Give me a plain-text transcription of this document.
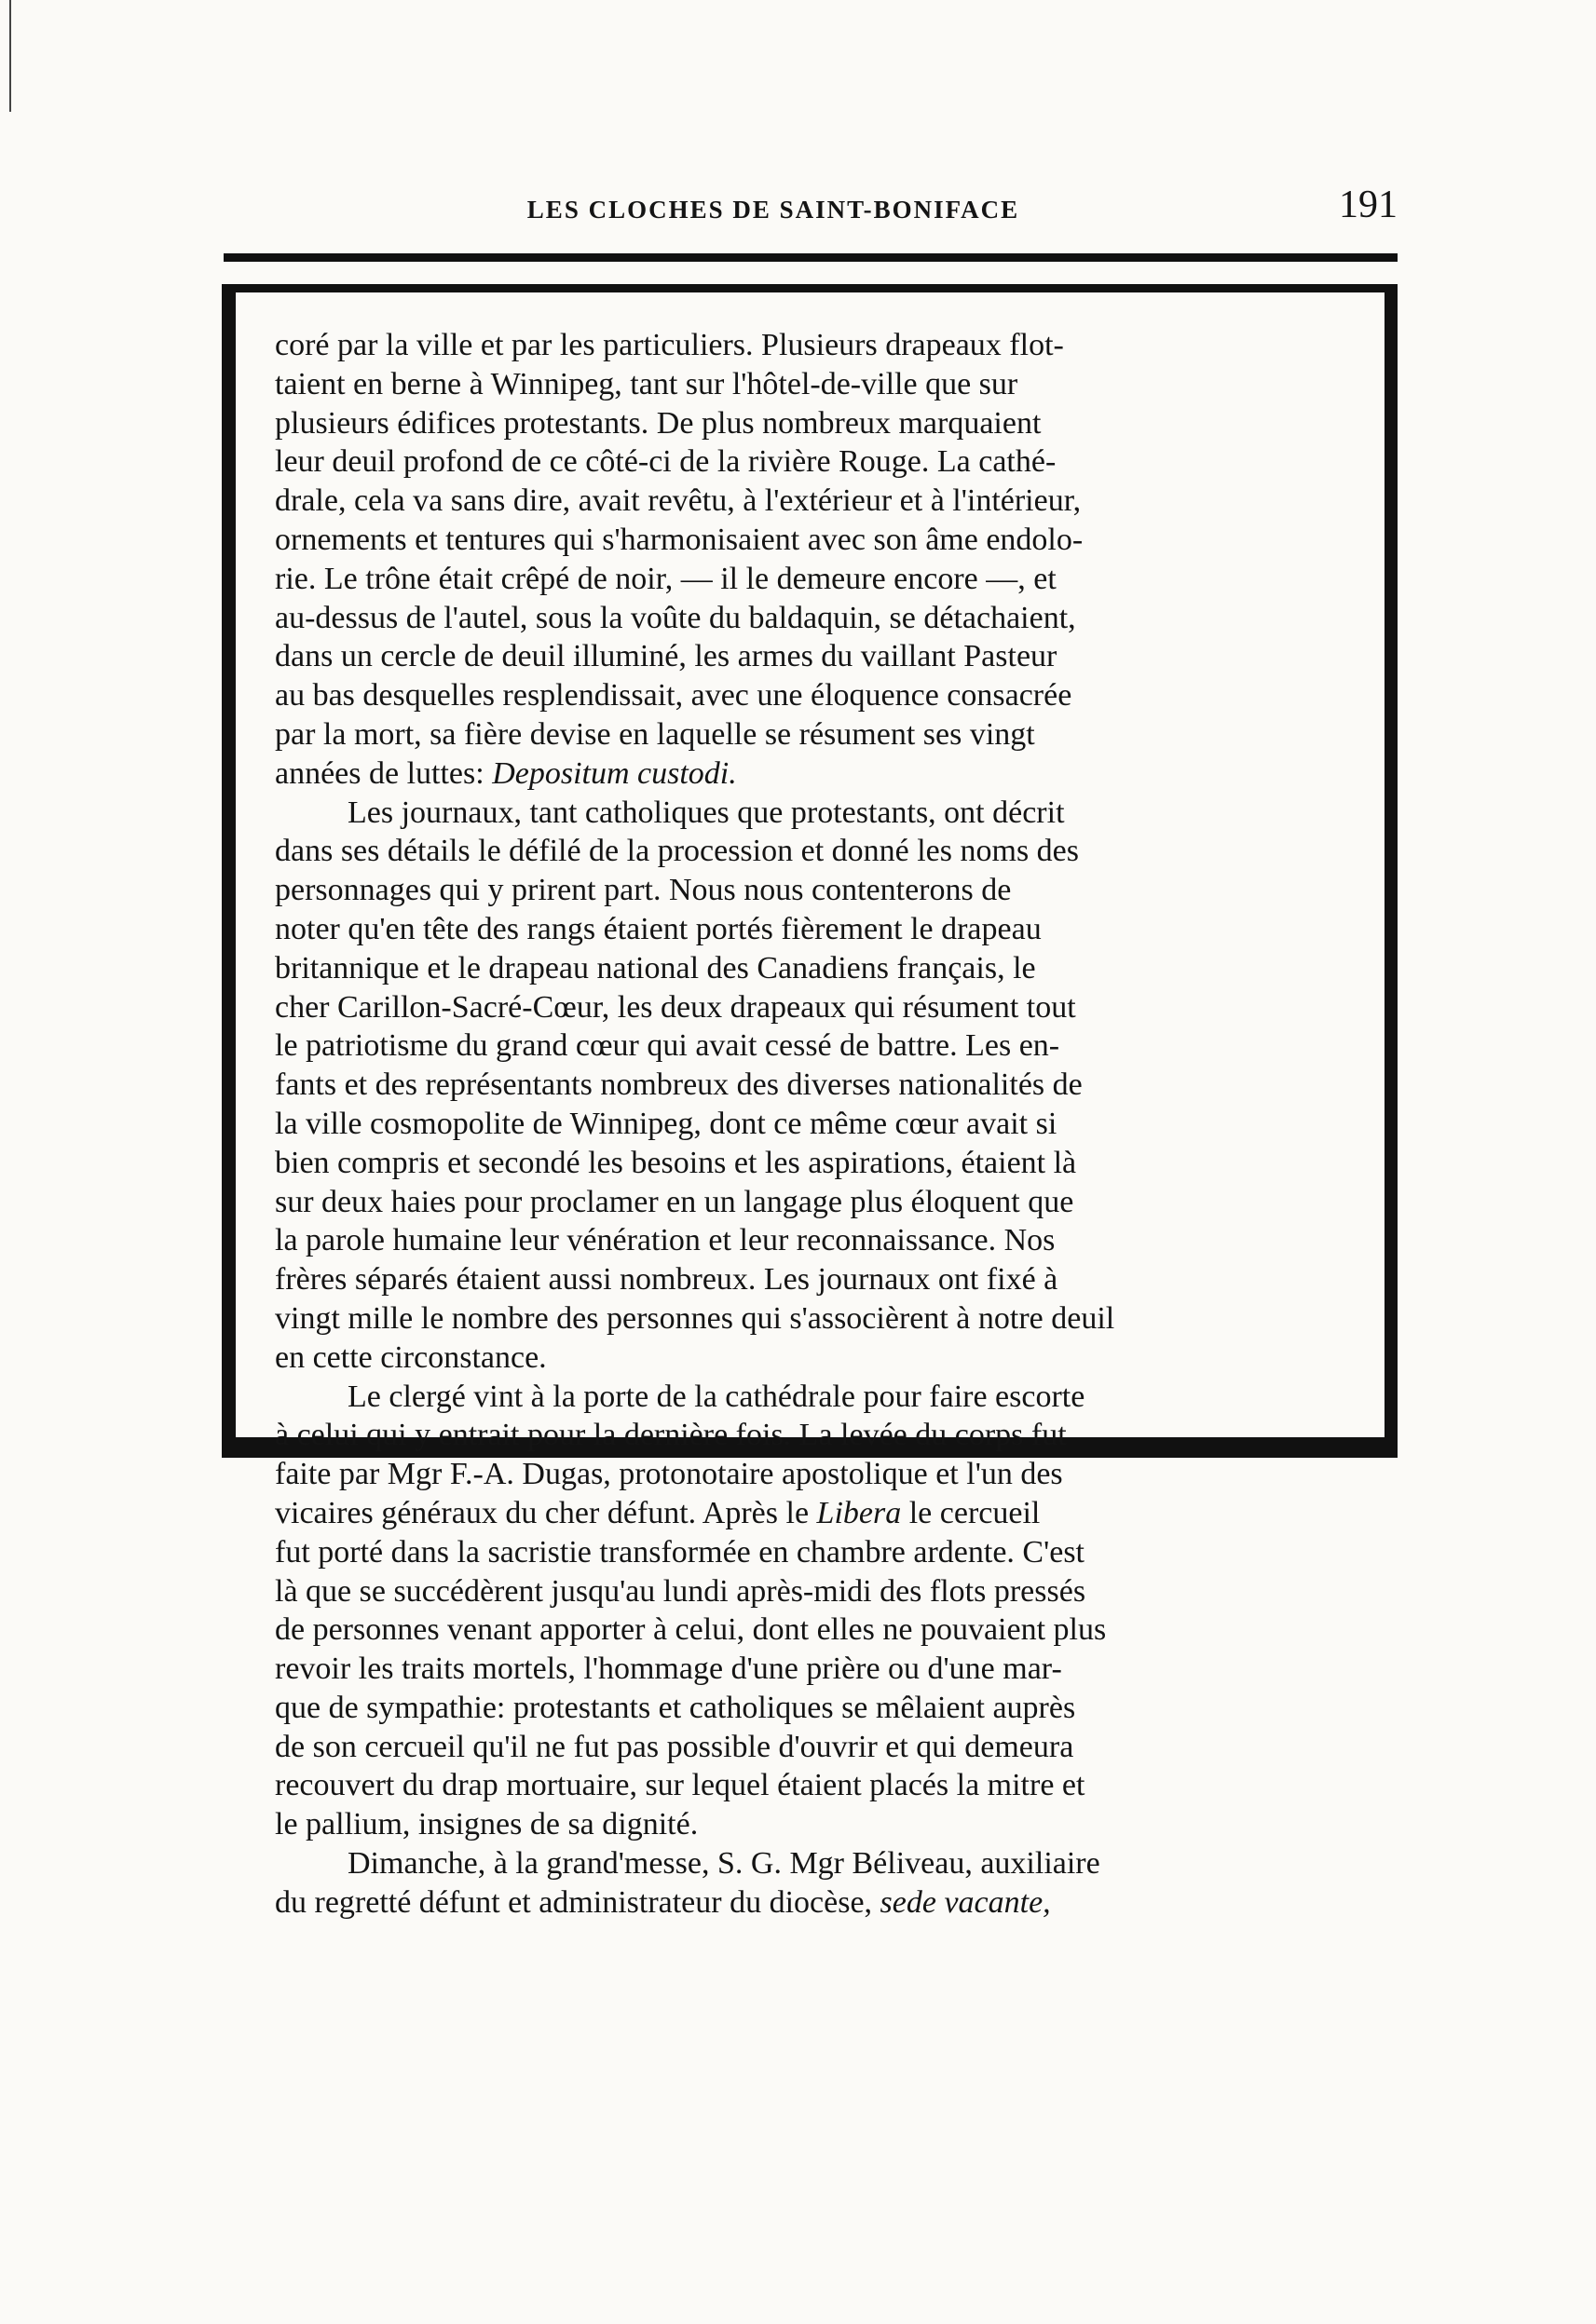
LES CLOCHES DE SAINT-BONIFACE	191
coré par la ville et par les particuliers. Plusieurs drapeaux flot-
taient en berne à Winnipeg, tant sur l'hôtel-de-ville que sur
plusieurs édifices protestants. De plus nombreux marquaient
leur deuil profond de ce côté-ci de la rivière Rouge. La cathé-
drale, cela va sans dire, avait revêtu, à l'extérieur et à l'intérieur,
ornements et tentures qui s'harmonisaient avec son âme endolo-
rie. Le trône était crêpé de noir, — il le demeure encore —, et
au-dessus de l'autel, sous la voûte du baldaquin, se détachaient,
dans un cercle de deuil illuminé, les armes du vaillant Pasteur
au bas desquelles resplendissait, avec une éloquence consacrée
par la mort, sa fière devise en laquelle se résument ses vingt
années de luttes: Depositum custodi.
Les journaux, tant catholiques que protestants, ont décrit
dans ses détails le défilé de la procession et donné les noms des
personnages qui y prirent part. Nous nous contenterons de
noter qu'en tête des rangs étaient portés fièrement le drapeau
britannique et le drapeau national des Canadiens français, le
cher Carillon-Sacré-Cœur, les deux drapeaux qui résument tout
le patriotisme du grand cœur qui avait cessé de battre. Les en-
fants et des représentants nombreux des diverses nationalités de
la ville cosmopolite de Winnipeg, dont ce même cœur avait si
bien compris et secondé les besoins et les aspirations, étaient là
sur deux haies pour proclamer en un langage plus éloquent que
la parole humaine leur vénération et leur reconnaissance. Nos
frères séparés étaient aussi nombreux. Les journaux ont fixé à
vingt mille le nombre des personnes qui s'associèrent à notre deuil
en cette circonstance.
Le clergé vint à la porte de la cathédrale pour faire escorte
à celui qui y entrait pour la dernière fois. La levée du corps fut
faite par Mgr F.-A. Dugas, protonotaire apostolique et l'un des
vicaires généraux du cher défunt. Après le Libera le cercueil
fut porté dans la sacristie transformée en chambre ardente. C'est
là que se succédèrent jusqu'au lundi après-midi des flots pressés
de personnes venant apporter à celui, dont elles ne pouvaient plus
revoir les traits mortels, l'hommage d'une prière ou d'une mar-
que de sympathie: protestants et catholiques se mêlaient auprès
de son cercueil qu'il ne fut pas possible d'ouvrir et qui demeura
recouvert du drap mortuaire, sur lequel étaient placés la mitre et
le pallium, insignes de sa dignité.
Dimanche, à la grand'messe, S. G. Mgr Béliveau, auxiliaire
du regretté défunt et administrateur du diocèse, sede vacante,
